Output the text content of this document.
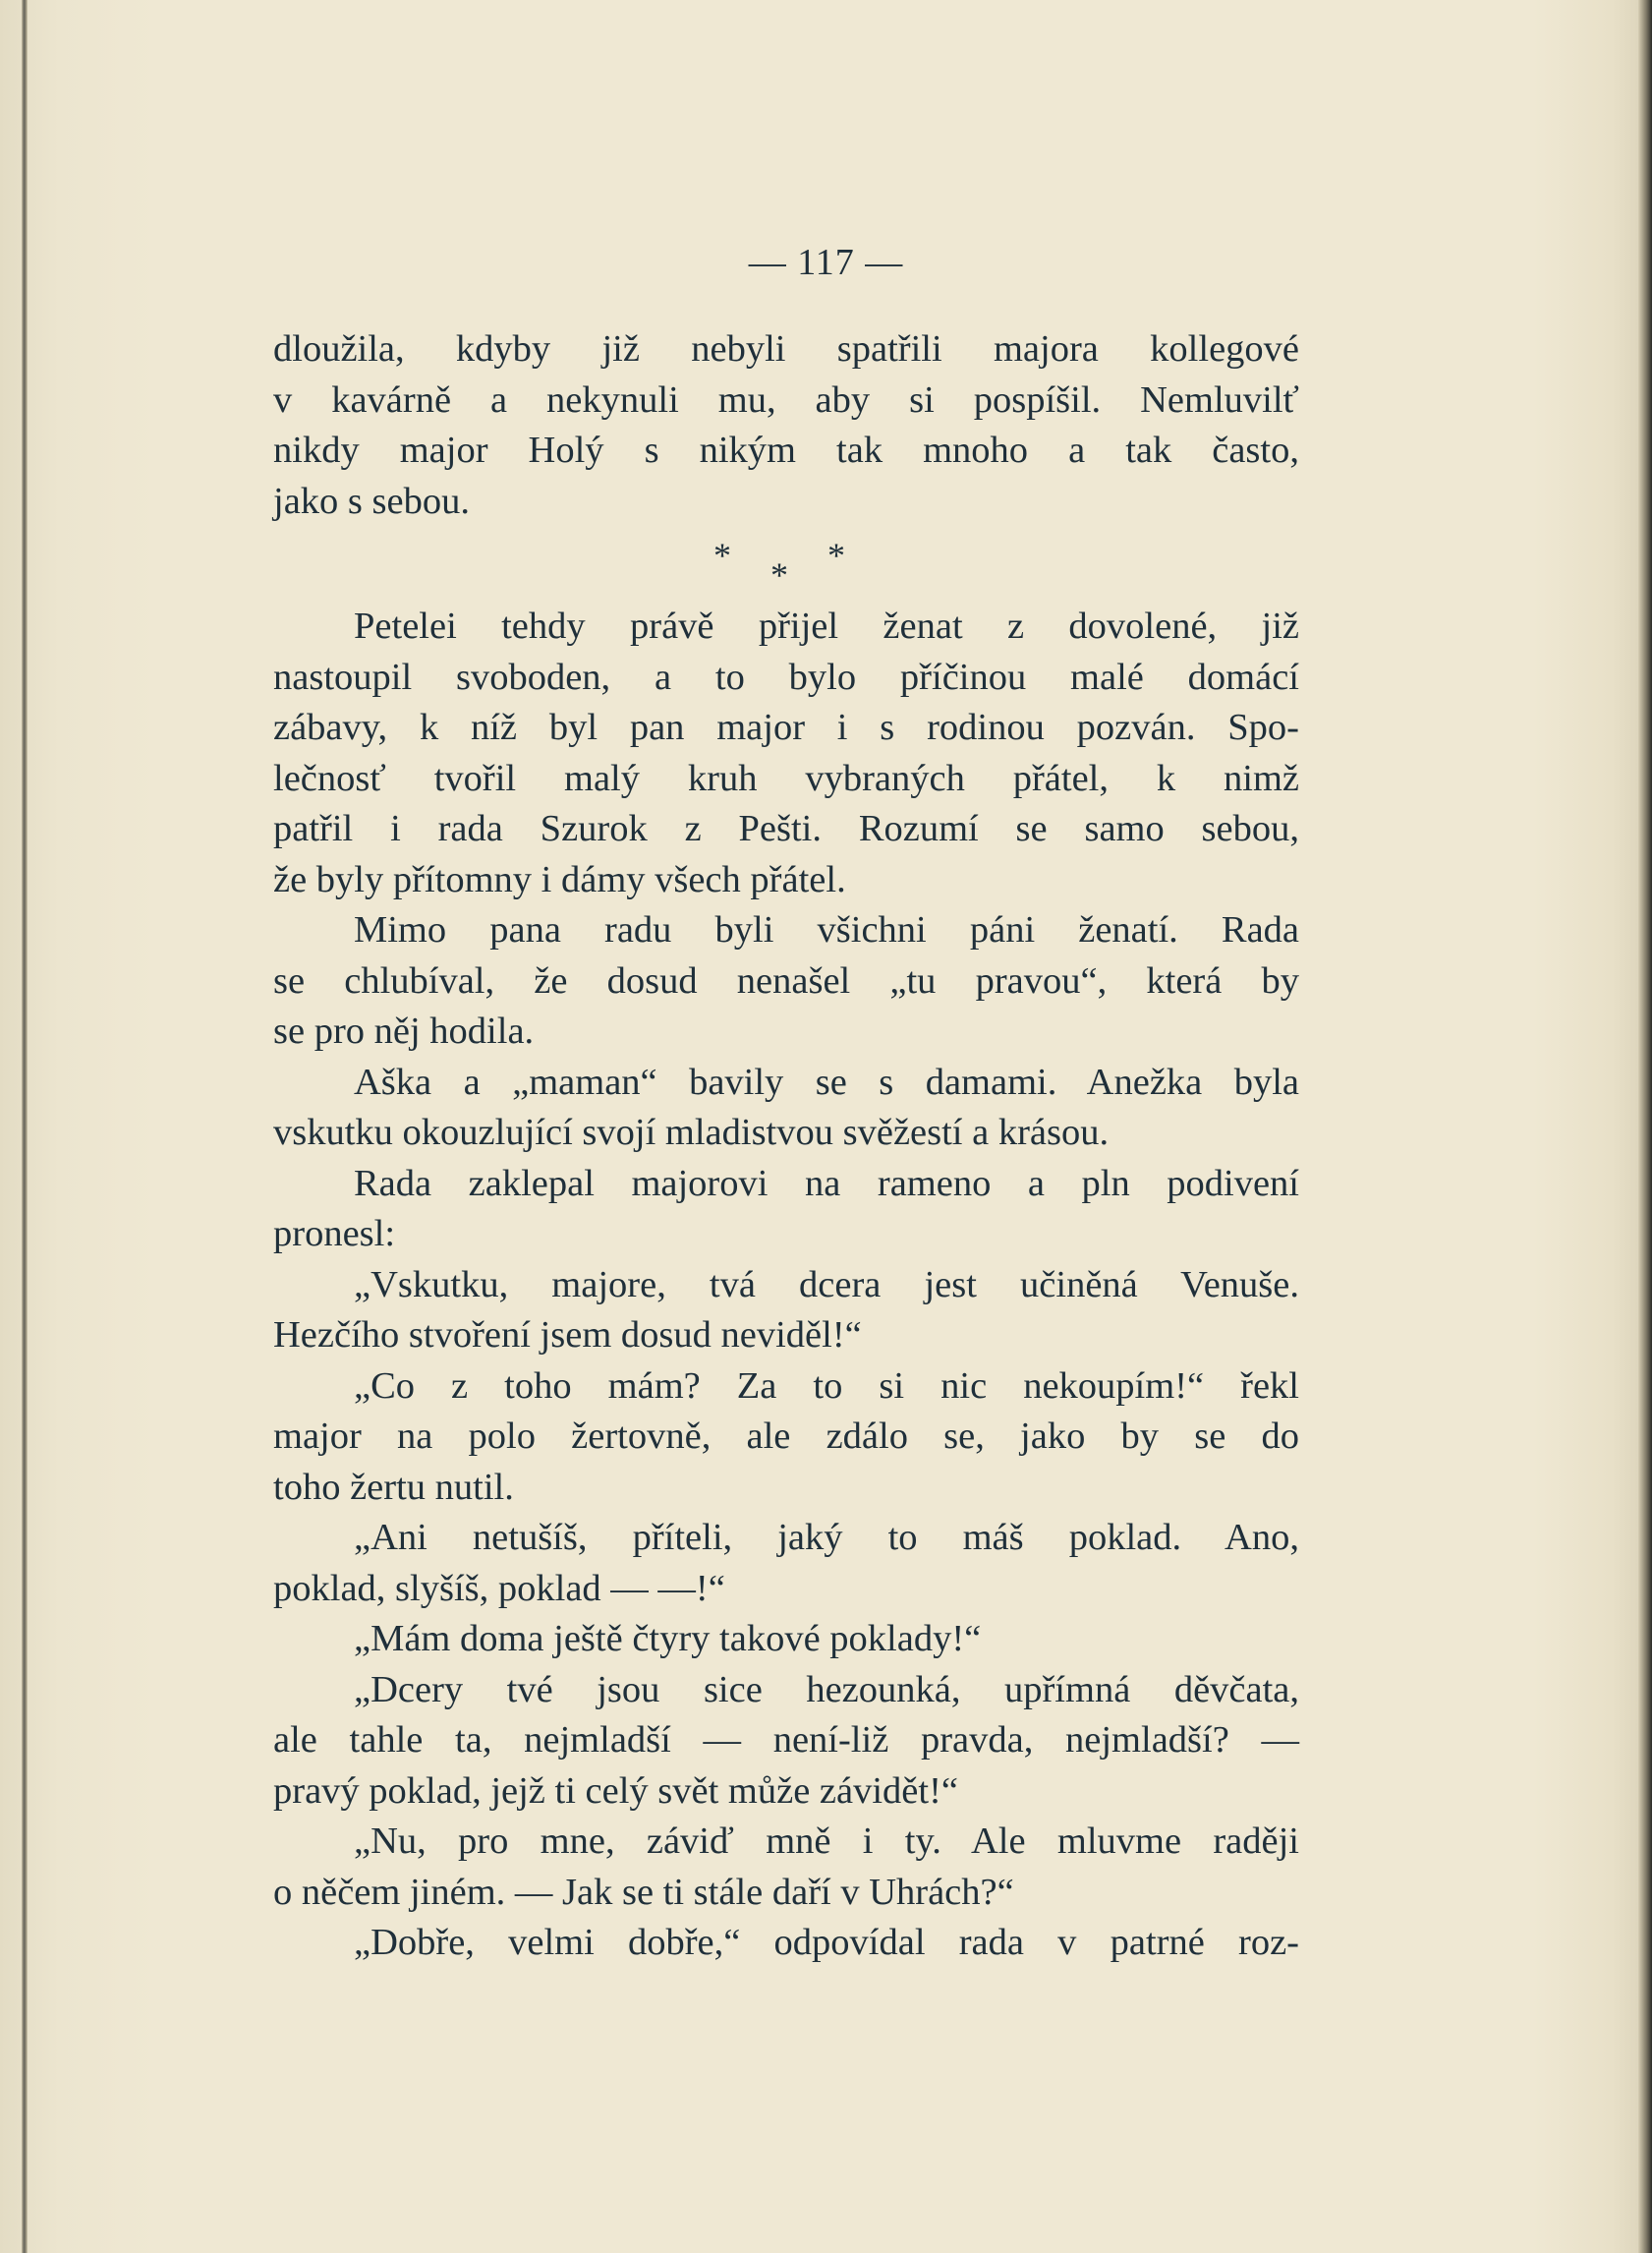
— 117 —

dloužila, kdyby již nebyli spatřili majora kollegové

v kavárně a nekynuli mu, aby si pospíšil. Nemluvilť

nikdy major Holý s nikým tak mnoho a tak často,

jako s sebou.

* * *

Petelei tehdy právě přijel ženat z dovolené, již

nastoupil svoboden, a to bylo příčinou malé domácí

zábavy, k níž byl pan major i s rodinou pozván. Spo-

lečnosť tvořil malý kruh vybraných přátel, k nimž

patřil i rada Szurok z Pešti. Rozumí se samo sebou,

že byly přítomny i dámy všech přátel.

Mimo pana radu byli všichni páni ženatí. Rada

se chlubíval, že dosud nenašel „tu pravou“, která by

se pro něj hodila.

Aška a „maman“ bavily se s damami. Anežka byla

vskutku okouzlující svojí mladistvou svěžestí a krásou.

Rada zaklepal majorovi na rameno a pln podivení

pronesl:

„Vskutku, majore, tvá dcera jest učiněná Venuše.

Hezčího stvoření jsem dosud neviděl!“

„Co z toho mám? Za to si nic nekoupím!“ řekl

major na polo žertovně, ale zdálo se, jako by se do

toho žertu nutil.

„Ani netušíš, příteli, jaký to máš poklad. Ano,

poklad, slyšíš, poklad — —!“

„Mám doma ještě čtyry takové poklady!“

„Dcery tvé jsou sice hezounká, upřímná děvčata,

ale tahle ta, nejmladší — není-liž pravda, nejmladší? —

pravý poklad, jejž ti celý svět může závidět!“

„Nu, pro mne, záviď mně i ty. Ale mluvme raději

o něčem jiném. — Jak se ti stále daří v Uhrách?“

„Dobře, velmi dobře,“ odpovídal rada v patrné roz-
